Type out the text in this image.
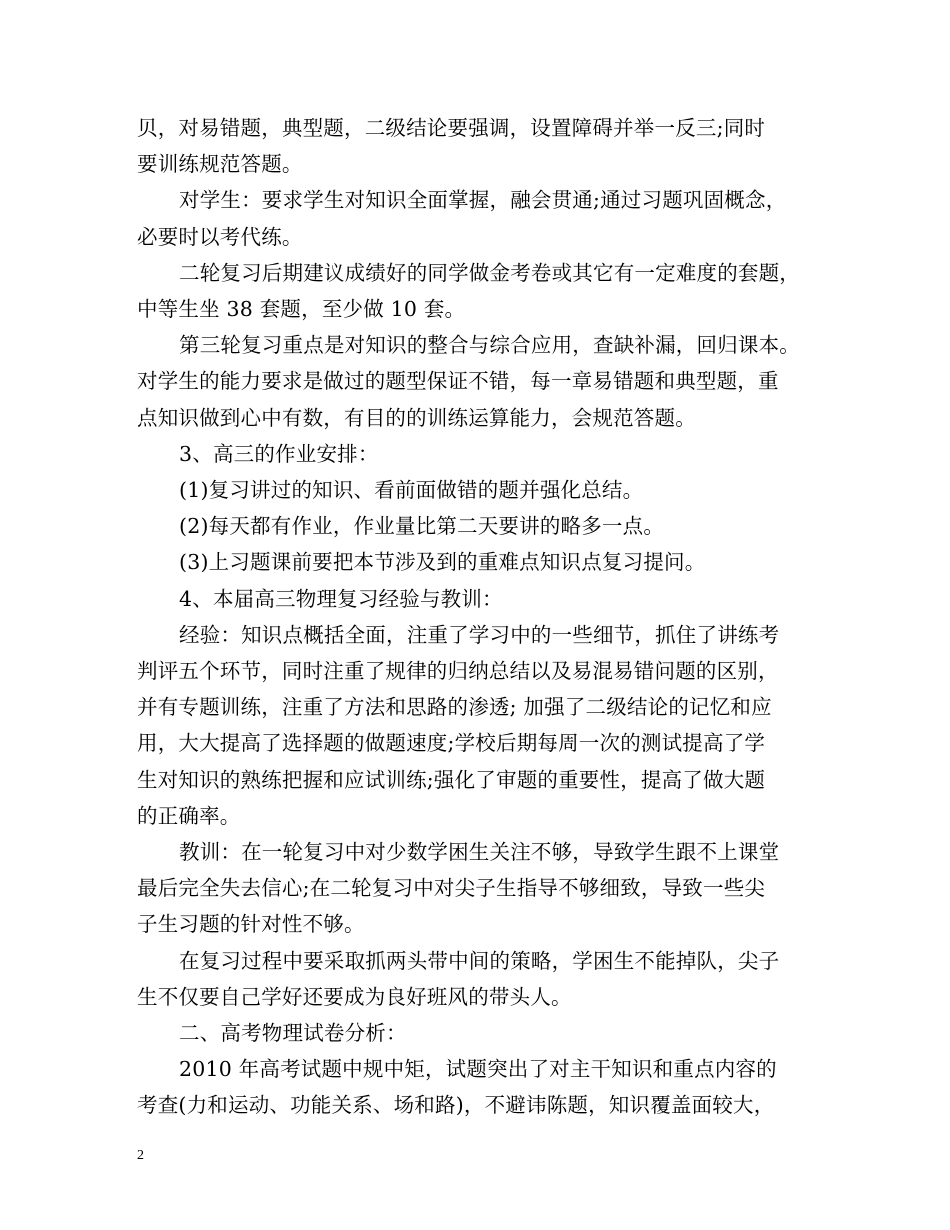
贝，对易错题，典型题，二级结论要强调，设置障碍并举一反三;同时
要训练规范答题。

对学生：要求学生对知识全面掌握，融会贯通;通过习题巩固概念，
必要时以考代练。

二轮复习后期建议成绩好的同学做金考卷或其它有一定难度的套题，
中等生坐 38 套题，至少做 10 套。

第三轮复习重点是对知识的整合与综合应用，查缺补漏，回归课本。
对学生的能力要求是做过的题型保证不错，每一章易错题和典型题，重
点知识做到心中有数，有目的的训练运算能力，会规范答题。

3、高三的作业安排：

(1)复习讲过的知识、看前面做错的题并强化总结。

(2)每天都有作业，作业量比第二天要讲的略多一点。

(3)上习题课前要把本节涉及到的重难点知识点复习提问。

4、本届高三物理复习经验与教训：

经验：知识点概括全面，注重了学习中的一些细节，抓住了讲练考
判评五个环节，同时注重了规律的归纳总结以及易混易错问题的区别，
并有专题训练，注重了方法和思路的渗透; 加强了二级结论的记忆和应
用，大大提高了选择题的做题速度;学校后期每周一次的测试提高了学
生对知识的熟练把握和应试训练;强化了审题的重要性，提高了做大题
的正确率。

教训：在一轮复习中对少数学困生关注不够，导致学生跟不上课堂
最后完全失去信心;在二轮复习中对尖子生指导不够细致，导致一些尖
子生习题的针对性不够。

在复习过程中要采取抓两头带中间的策略，学困生不能掉队，尖子
生不仅要自己学好还要成为良好班风的带头人。

二、高考物理试卷分析：

2010 年高考试题中规中矩，试题突出了对主干知识和重点内容的
考查(力和运动、功能关系、场和路)，不避讳陈题，知识覆盖面较大，

2
